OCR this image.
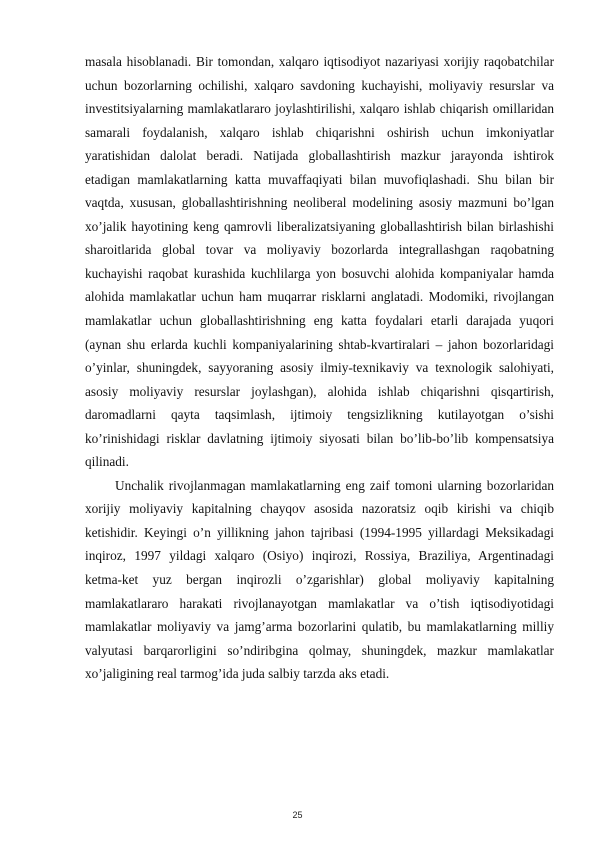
masala hisoblanadi. Bir tomondan, xalqaro iqtisodiyot nazariyasi xorijiy raqobatchilar uchun bozorlarning ochilishi, xalqaro savdoning kuchayishi, moliyaviy resurslar va investitsiyalarning mamlakatlararo joylashtirilishi, xalqaro ishlab chiqarish omillaridan samarali foydalanish, xalqaro ishlab chiqarishni oshirish uchun imkoniyatlar yaratishidan dalolat beradi. Natijada globallashtirish mazkur jarayonda ishtirok etadigan mamlakatlarning katta muvaffaqiyati bilan muvofiqlashadi. Shu bilan bir vaqtda, xususan, globallashtirishning neoliberal modelining asosiy mazmuni bo’lgan xo’jalik hayotining keng qamrovli liberalizatsiyaning globallashtirish bilan birlashishi sharoitlarida global tovar va moliyaviy bozorlarda integrallashgan raqobatning kuchayishi raqobat kurashida kuchlilarga yon bosuvchi alohida kompaniyalar hamda alohida mamlakatlar uchun ham muqarrar risklarni anglatadi. Modomiki, rivojlangan mamlakatlar uchun globallashtirishning eng katta foydalari etarli darajada yuqori (aynan shu erlarda kuchli kompaniyalarining shtab-kvartiralari – jahon bozorlaridagi o’yinlar, shuningdek, sayyoraning asosiy ilmiy-texnikaviy va texnologik salohiyati, asosiy moliyaviy resurslar joylashgan), alohida ishlab chiqarishni qisqartirish, daromadlarni qayta taqsimlash, ijtimoiy tengsizlikning kutilayotgan o’sishi ko’rinishidagi risklar davlatning ijtimoiy siyosati bilan bo’lib-bo’lib kompensatsiya qilinadi.

Unchalik rivojlanmagan mamlakatlarning eng zaif tomoni ularning bozorlaridan xorijiy moliyaviy kapitalning chayqov asosida nazoratsiz oqib kirishi va chiqib ketishidir. Keyingi o’n yillikning jahon tajribasi (1994-1995 yillardagi Meksikadagi inqiroz, 1997 yildagi xalqaro (Osiyo) inqirozi, Rossiya, Braziliya, Argentinadagi ketma-ket yuz bergan inqirozli o’zgarishlar) global moliyaviy kapitalning mamlakatlararo harakati rivojlanayotgan mamlakatlar va o’tish iqtisodiyotidagi mamlakatlar moliyaviy va jamg’arma bozorlarini qulatib, bu mamlakatlarning milliy valyutasi barqarorligini so’ndiribgina qolmay, shuningdek, mazkur mamlakatlar xo’jaligining real tarmog’ida juda salbiy tarzda aks etadi.

25
